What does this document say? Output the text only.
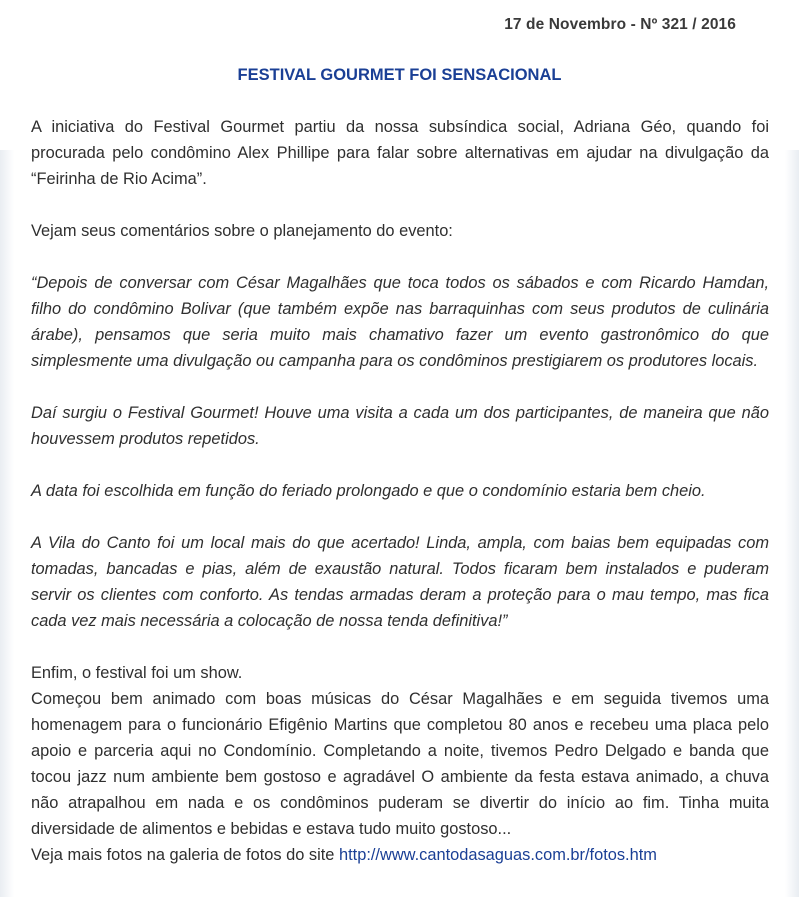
17 de Novembro - Nº 321 / 2016
FESTIVAL GOURMET FOI SENSACIONAL

A iniciativa do Festival Gourmet partiu da nossa subsíndica social, Adriana Géo, quando foi procurada pelo condômino Alex Phillipe para falar sobre alternativas em ajudar na divulgação da “Feirinha de Rio Acima”.

Vejam seus comentários sobre o planejamento do evento:

“Depois de conversar com César Magalhães que toca todos os sábados e com Ricardo Hamdan, filho do condômino Bolivar (que também expõe nas barraquinhas com seus produtos de culinária árabe), pensamos que seria muito mais chamativo fazer um evento gastronômico do que simplesmente uma divulgação ou campanha para os condôminos prestigiarem os produtores locais.

Daí surgiu o Festival Gourmet! Houve uma visita a cada um dos participantes, de maneira que não houvessem produtos repetidos.

A data foi escolhida em função do feriado prolongado e que o condomínio estaria bem cheio.

A Vila do Canto foi um local mais do que acertado! Linda, ampla, com baias bem equipadas com tomadas, bancadas e pias, além de exaustão natural. Todos ficaram bem instalados e puderam servir os clientes com conforto. As tendas armadas deram a proteção para o mau tempo, mas fica cada vez mais necessária a colocação de nossa tenda definitiva!”

Enfim, o festival foi um show.

Começou bem animado com boas músicas do César Magalhães e em seguida tivemos uma homenagem para o funcionário Efigênio Martins que completou 80 anos e recebeu uma placa pelo apoio e parceria aqui no Condomínio. Completando a noite, tivemos Pedro Delgado e banda que tocou jazz num ambiente bem gostoso e agradável O ambiente da festa estava animado, a chuva não atrapalhou em nada e os condôminos puderam se divertir do início ao fim. Tinha muita diversidade de alimentos e bebidas e estava tudo muito gostoso...

Veja mais fotos na galeria de fotos do site http://www.cantodasaguas.com.br/fotos.htm
